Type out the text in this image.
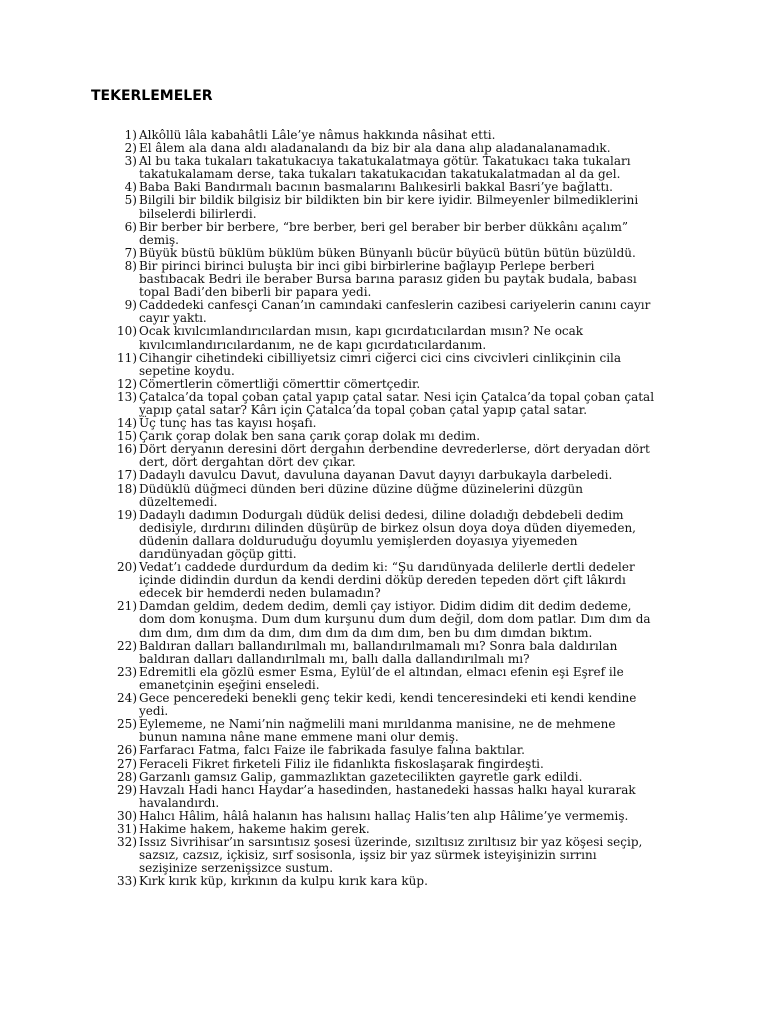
TEKERLEMELER
1) Alkôllü lâla kabahâtli Lâle’ye nâmus hakkında nâsihat etti.
2) El âlem ala dana aldı aladanalandı da biz bir ala dana alıp aladanalanamadık.
3) Al bu taka tukaları takatukacıya takatukalatmaya götür. Takatukacı taka tukaları takatukalamam derse, taka tukaları takatukacıdan takatukalatmadan al da gel.
4) Baba Baki Bandırmalı bacının basmalarını Balıkesirli bakkal Basri’ye bağlattı.
5) Bilgili bir bildik bilgisiz bir bildikten bin bir kere iyidir. Bilmeyenler bilmediklerini bilselerdi bilirlerdi.
6) Bir berber bir berbere, “bre berber, beri gel beraber bir berber dükkânı açalım” demiş.
7) Büyük büstü büklüm büklüm büken Bünyanlı bücür büyücü bütün bütün büzüldü.
8) Bir pirinci birinci buluşta bir inci gibi birbirlerine bağlayıp Perlepe berberi bastıbacak Bedri ile beraber Bursa barına parasız giden bu paytak budala, babası topal Badi’den biberli bir papara yedi.
9) Caddedeki canfesçi Canan’ın camındaki canfeslerin cazibesi cariyelerin canını cayır cayır yaktı.
10) Ocak kıvılcımlandırıcılardan mısın, kapı gıcırdatıcılardan mısın? Ne ocak kıvılcımlandırıcılardanım, ne de kapı gıcırdatıcılardanım.
11) Cihangir cihetindeki cibilliyetsiz cimri ciğerci cici cins civcivleri cinlikçinin cila sepetine koydu.
12) Cömertlerin cömertliği cömerttir cömertçedir.
13) Çatalca’da topal çoban çatal yapıp çatal satar. Nesi için Çatalca’da topal çoban çatal yapıp çatal satar? Kârı için Çatalca’da topal çoban çatal yapıp çatal satar.
14) Üç tunç has tas kayısı hoşafı.
15) Çarık çorap dolak ben sana çarık çorap dolak mı dedim.
16) Dört deryanın deresini dört dergahın derbendine devrederlerse, dört deryadan dört dert, dört dergahtan dört dev çıkar.
17) Dadaylı davulcu Davut, davuluna dayanan Davut dayıyı darbukayla darbeledi.
18) Düdüklü düğmeci dünden beri düzine düzine düğme düzinelerini düzgün düzeltemedi.
19) Dadaylı dadımın Dodurgalı düdük delisi dedesi, diline doladığı debdebeli dedim dedisiyle, dırdırını dilinden düşürüp de birkez olsun doya doya düden diyemeden, düdenin dallara dolduruduğu doyumlu yemişlerden doyasıya yiyemeden darıdünyadan göçüp gitti.
20) Vedat’ı caddede durdurdum da dedim ki: “Şu darıdünyada delilerle dertli dedeler içinde didindin durdun da kendi derdini döküp dereden tepeden dört çift lâkırdı edecek bir hemderdi neden bulamadın?
21) Damdan geldim, dedem dedim, demli çay istiyor. Didim didim dit dedim dedeme, dom dom konuşma. Dum dum kurşunu dum dum değil, dom dom patlar. Dım dım da dım dım, dım dım da dım, dım dım da dım dım, ben bu dım dımdan bıktım.
22) Baldıran dalları ballandırılmalı mı, ballandırılmamalı mı? Sonra bala daldırılan baldıran dalları dallandırılmalı mı, ballı dalla dallandırılmalı mı?
23) Edremitli ela gözlü esmer Esma, Eylül’de el altından, elmacı efenin eşi Eşref ile emanetçinin eşeğini enseledi.
24) Gece penceredeki benekli genç tekir kedi, kendi tenceresindeki eti kendi kendine yedi.
25) Eylememe, ne Nami’nin nağmelili mani mırıldanma manisine, ne de mehmene bunun namına nâne mane emmene mani olur demiş.
26) Farfaracı Fatma, falcı Faize ile fabrikada fasulye falına baktılar.
27) Feraceli Fikret firketeli Filiz ile fidanlıkta fiskoslaşarak fingirdeşti.
28) Garzanlı gamsız Galip, gammazlıktan gazetecilikten gayretle gark edildi.
29) Havzalı Hadi hancı Haydar’a hasedinden, hastanedeki hassas halkı hayal kurarak havalandırdı.
30) Halıcı Hâlim, hâlâ halanın has halısını hallaç Halis’ten alıp Hâlime’ye vermemiş.
31) Hakime hakem, hakeme hakim gerek.
32) Issız Sivrihisar’ın sarsıntısız şosesi üzerinde, sızıltısız zırıltısız bir yaz köşesi seçip, sazsız, cazsız, içkisiz, sırf sosisonla, işsiz bir yaz sürmek isteyişinizin sırrını sezişinize serzenişsizce sustum.
33) Kırk kırık küp, kırkının da kulpu kırık kara küp.
